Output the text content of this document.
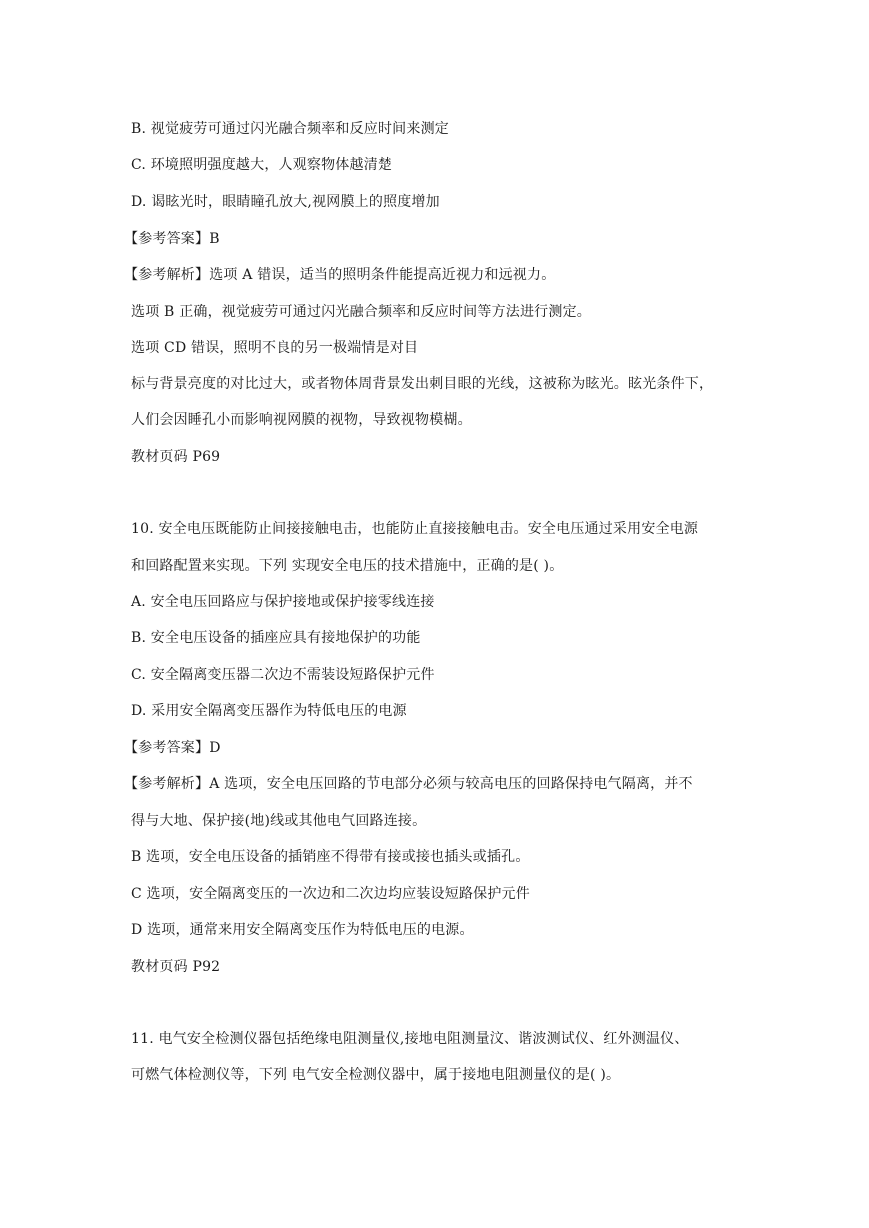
B. 视觉疲劳可通过闪光融合频率和反应时间来测定
C. 环境照明强度越大，人观察物体越清楚
D. 谒眩光时，眼睛瞳孔放大,视网膜上的照度增加
【参考答案】B
【参考解析】选项 A 错误，适当的照明条件能提高近视力和远视力。
选项 B 正确，视觉疲劳可通过闪光融合频率和反应时间等方法进行测定。
选项 CD 错误，照明不良的另一极端情是对目
标与背景亮度的对比过大，或者物体周背景发出刺目眼的光线，这被称为眩光。眩光条件下，
人们会因睡孔小而影响视网膜的视物，导致视物模楜。
教材页码 P69
10. 安全电压既能防止间接接触电击，也能防止直接接触电击。安全电压通过采用安全电源
和回路配置来实现。下列 实现安全电压的技术措施中，正确的是( )。
A. 安全电压回路应与保护接地或保护接零线连接
B. 安全电压设备的插座应具有接地保护的功能
C. 安全隔离变压器二次边不需装设短路保护元件
D. 采用安全隔离变压器作为特低电压的电源
【参考答案】D
【参考解析】A 选项，安全电压回路的节电部分必须与较高电压的回路保持电气隔离，并不
得与大地、保护接(地)线或其他电气回路连接。
B 选项，安全电压设备的插销座不得带有接或接也插头或插孔。
C 选项，安全隔离变压的一次边和二次边均应装设短路保护元件
D 选项，通常来用安全隔离变压作为特低电压的电源。
教材页码 P92
11. 电气安全检测仪器包括绝缘电阻测量仪,接地电阻测量汶、谐波测试仪、红外测温仪、
可燃气体检测仪等，下列 电气安全检测仪器中，属于接地电阻测量仪的是( )。
